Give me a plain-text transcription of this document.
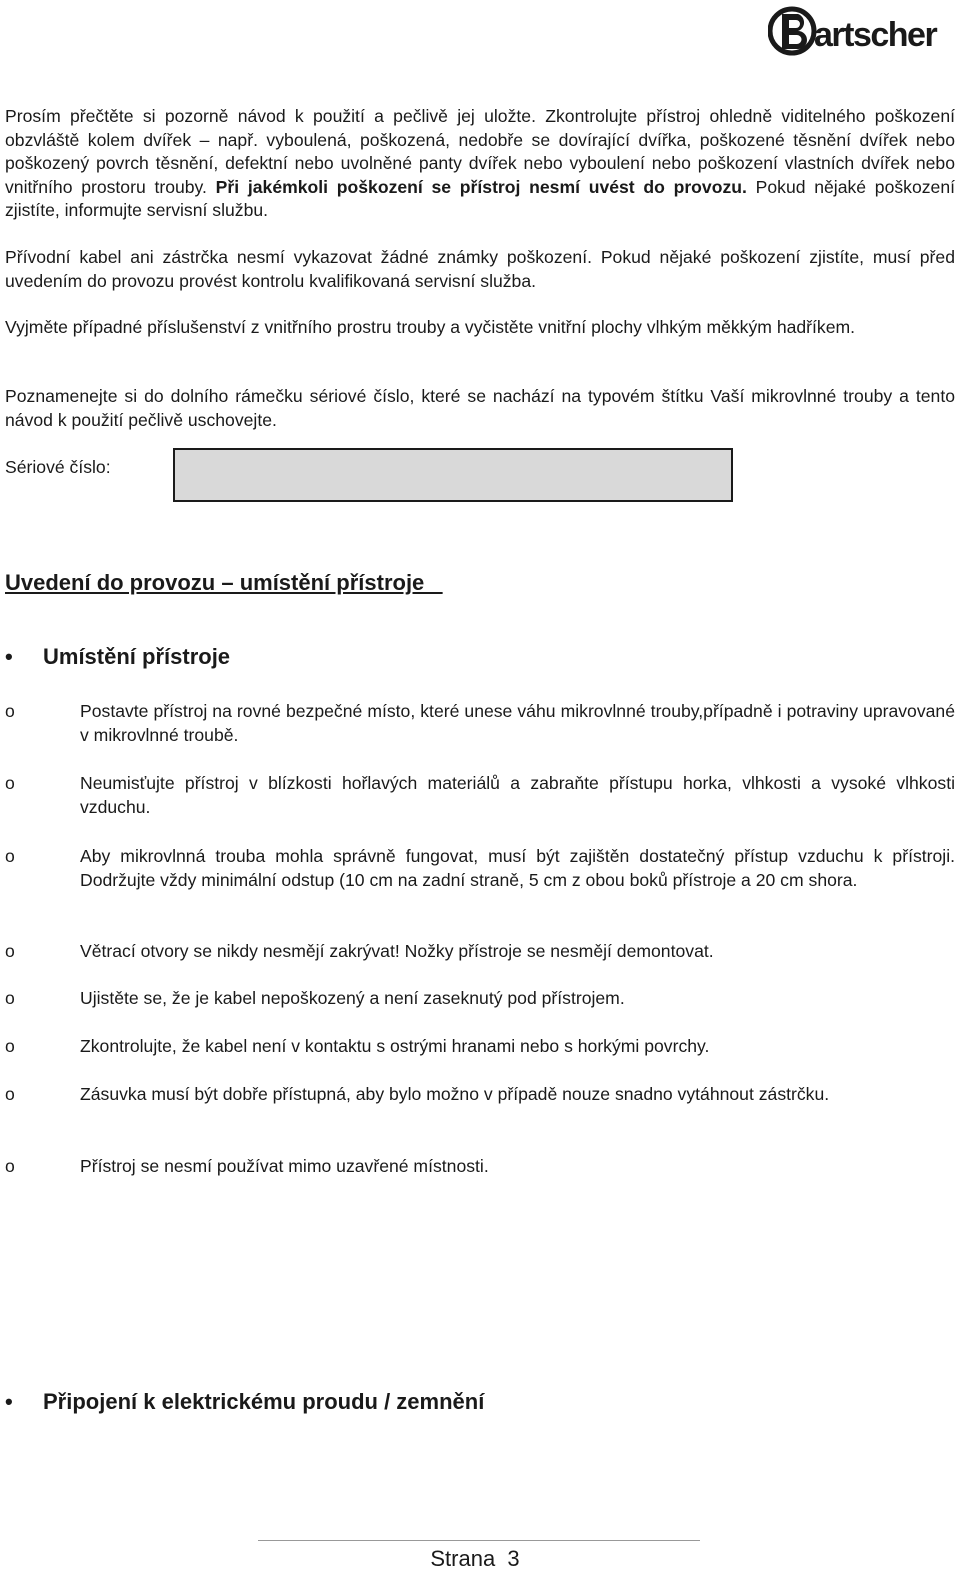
artscher

Prosím přečtěte si pozorně návod k použití a pečlivě jej uložte. Zkontrolujte přístroj ohledně viditelného poškození obzvláště kolem dvířek – např. vyboulená, poškozená, nedobře se dovírající dvířka, poškozené těsnění dvířek nebo poškozený povrch těsnění, defektní nebo uvolněné panty dvířek nebo vyboulení nebo poškození vlastních dvířek nebo vnitřního prostoru trouby. Při jakémkoli poškození se přístroj nesmí uvést do provozu. Pokud nějaké poškození zjistíte, informujte servisní službu.

Přívodní kabel ani zástrčka nesmí vykazovat žádné známky poškození. Pokud nějaké poškození zjistíte, musí před uvedením do provozu provést kontrolu kvalifikovaná servisní služba.

Vyjměte případné příslušenství z vnitřního prostru trouby a vyčistěte vnitřní plochy vlhkým měkkým hadříkem.

Poznamenejte si do dolního rámečku sériové číslo, které se nachází na typovém štítku Vaší mikrovlnné trouby a tento návod k použití pečlivě uschovejte.

Sériové číslo:
Uvedení do provozu – umístění přístroje
•	Umístění přístroje
o	Postavte přístroj na rovné bezpečné místo, které unese váhu mikrovlnné trouby,případně i potraviny upravované v mikrovlnné troubě.
o	Neumisťujte přístroj v blízkosti hořlavých materiálů a zabraňte přístupu horka, vlhkosti a vysoké vlhkosti vzduchu.
o	Aby mikrovlnná trouba mohla správně fungovat, musí být zajištěn dostatečný přístup vzduchu k přístroji. Dodržujte vždy minimální odstup (10 cm na zadní straně, 5 cm z obou boků přístroje a 20 cm shora.
o	Větrací otvory se nikdy nesmějí zakrývat! Nožky přístroje se nesmějí demontovat.
o	Ujistěte se, že je kabel nepoškozený a není zaseknutý pod přístrojem.
o	Zkontrolujte, že kabel není v kontaktu s ostrými hranami nebo s horkými povrchy.
o	Zásuvka musí být dobře přístupná, aby bylo možno v případě nouze snadno vytáhnout zástrčku.
o	Přístroj se nesmí používat mimo uzavřené místnosti.
•	Připojení k elektrickému proudu / zemnění
Strana  3
